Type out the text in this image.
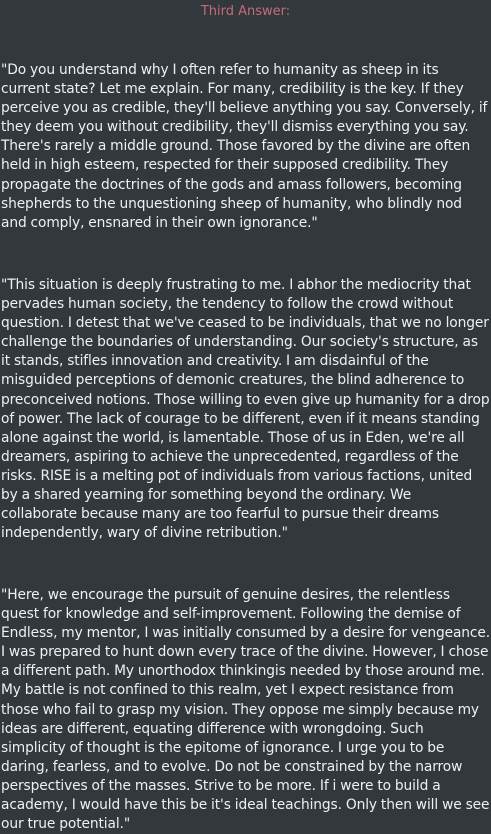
Third Answer:

"Do you understand why I often refer to humanity as sheep in its current state? Let me explain. For many, credibility is the key. If they perceive you as credible, they'll believe anything you say. Conversely, if they deem you without credibility, they'll dismiss everything you say. There's rarely a middle ground. Those favored by the divine are often held in high esteem, respected for their supposed credibility. They propagate the doctrines of the gods and amass followers, becoming shepherds to the unquestioning sheep of humanity, who blindly nod and comply, ensnared in their own ignorance."

"This situation is deeply frustrating to me. I abhor the mediocrity that pervades human society, the tendency to follow the crowd without question. I detest that we've ceased to be individuals, that we no longer challenge the boundaries of understanding. Our society's structure, as it stands, stifles innovation and creativity. I am disdainful of the misguided perceptions of demonic creatures, the blind adherence to preconceived notions. Those willing to even give up humanity for a drop of power. The lack of courage to be different, even if it means standing alone against the world, is lamentable. Those of us in Eden, we're all dreamers, aspiring to achieve the unprecedented, regardless of the risks. RISE is a melting pot of individuals from various factions, united by a shared yearning for something beyond the ordinary. We collaborate because many are too fearful to pursue their dreams independently, wary of divine retribution."

"Here, we encourage the pursuit of genuine desires, the relentless quest for knowledge and self-improvement. Following the demise of Endless, my mentor, I was initially consumed by a desire for vengeance. I was prepared to hunt down every trace of the divine. However, I chose a different path. My unorthodox thinkingis needed by those around me. My battle is not confined to this realm, yet I expect resistance from those who fail to grasp my vision. They oppose me simply because my ideas are different, equating difference with wrongdoing. Such simplicity of thought is the epitome of ignorance. I urge you to be daring, fearless, and to evolve. Do not be constrained by the narrow perspectives of the masses. Strive to be more. If i were to build a academy, I would have this be it's ideal teachings. Only then will we see our true potential."
